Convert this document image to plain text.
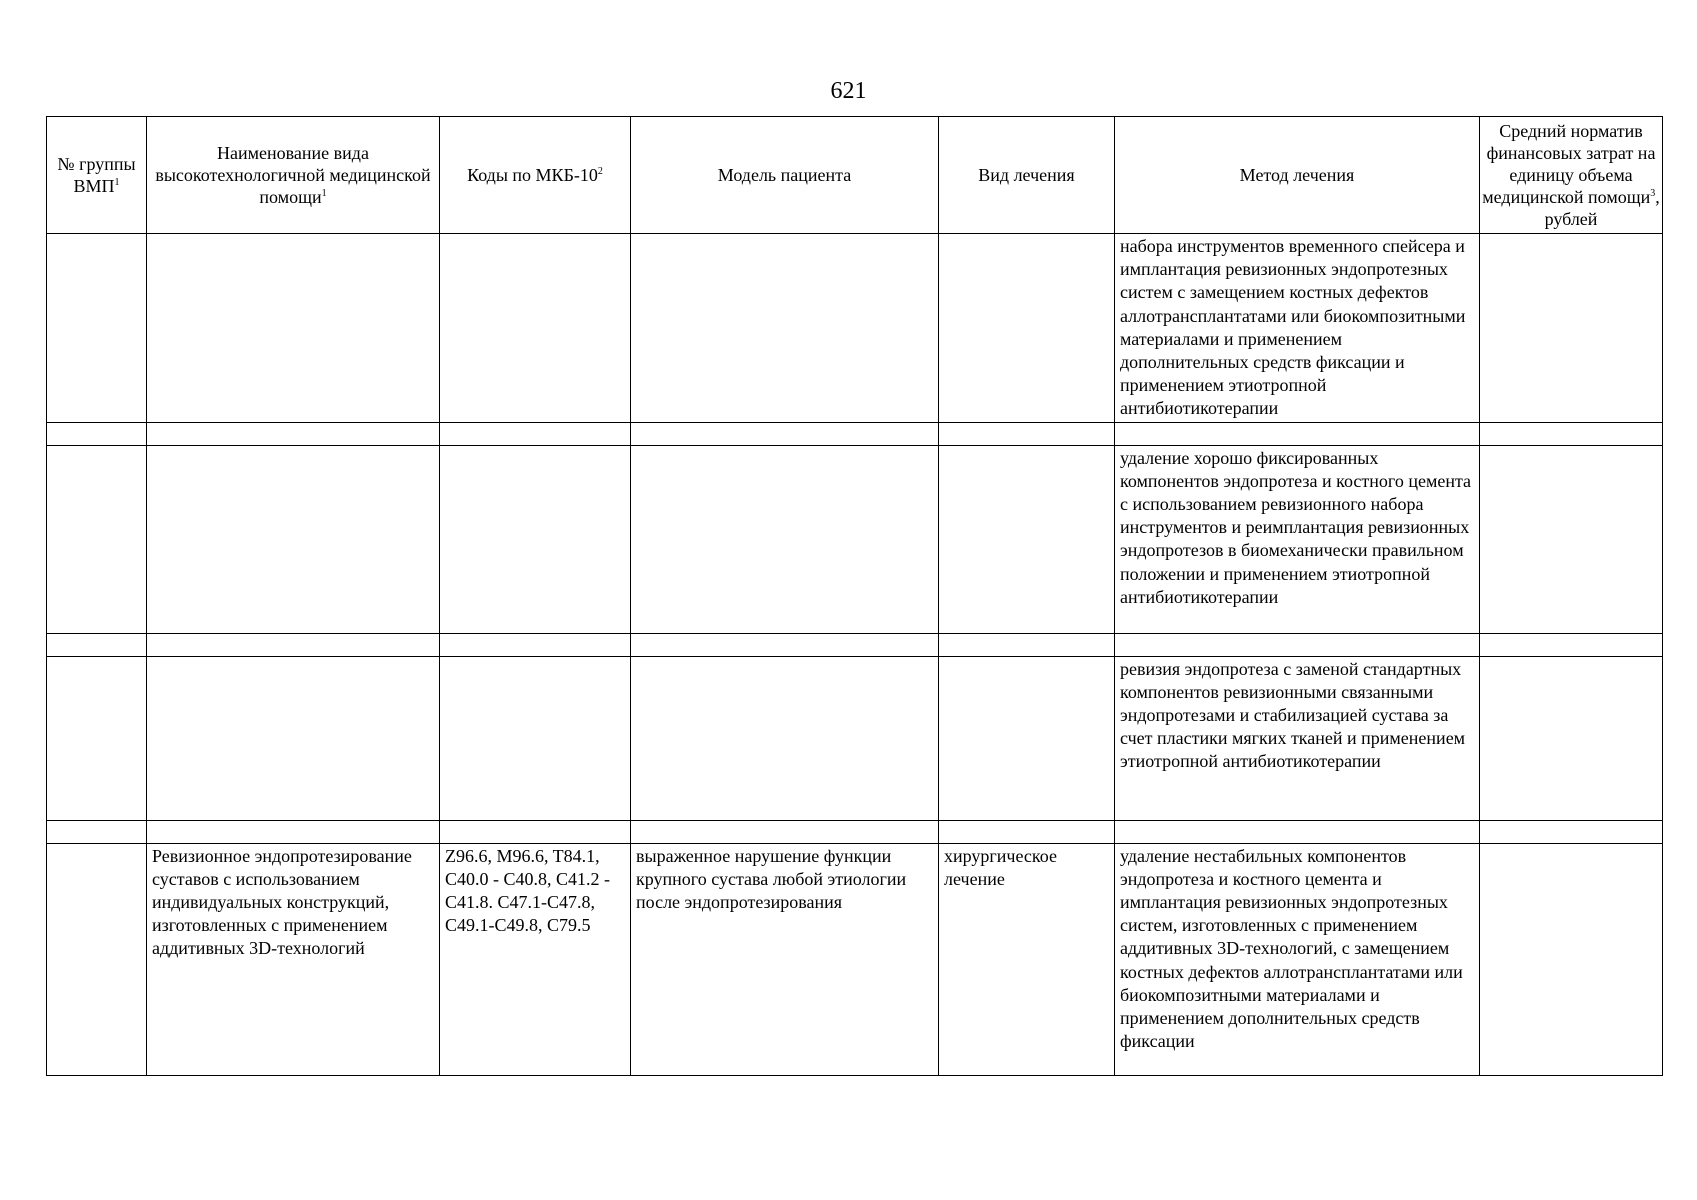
621
№ группы ВМП$^1$	Наименование вида высокотехнологичной медицинской помощи$^1$	Коды по МКБ-$10^2$	Модель пациента	Вид лечения	Метод лечения	Средний норматив финансовых затрат на единицу объема медицинской помощи$^3$, рублей
					набора инструментов временного спейсера и имплантация ревизионных эндопротезных систем с замещением костных дефектов аллотрансплантатами или биокомпозитными материалами и применением дополнительных средств фиксации и применением этиотропной антибиотикотерапии	

					удаление хорошо фиксированных компонентов эндопротеза и костного цемента с использованием ревизионного набора инструментов и реимплантация ревизионных эндопротезов в биомеханически правильном положении и применением этиотропной антибиотикотерапии	

					ревизия эндопротеза с заменой стандартных компонентов ревизионными связанными эндопротезами и стабилизацией сустава за счет пластики мягких тканей и применением этиотропной антибиотикотерапии	

	Ревизионное эндопротезирование суставов с использованием индивидуальных конструкций, изготовленных с применением аддитивных 3D-технологий	Z96.6, M96.6, T84.1, C40.0 - C40.8, C41.2 - C41.8. C47.1-C47.8, C49.1-C49.8, C79.5	выраженное нарушение функции крупного сустава любой этиологии после эндопротезирования	хирургическое лечение	удаление нестабильных компонентов эндопротеза и костного цемента и имплантация ревизионных эндопротезных систем, изготовленных с применением аддитивных 3D-технологий, с замещением костных дефектов аллотрансплантатами или биокомпозитными материалами и применением дополнительных средств фиксации	
